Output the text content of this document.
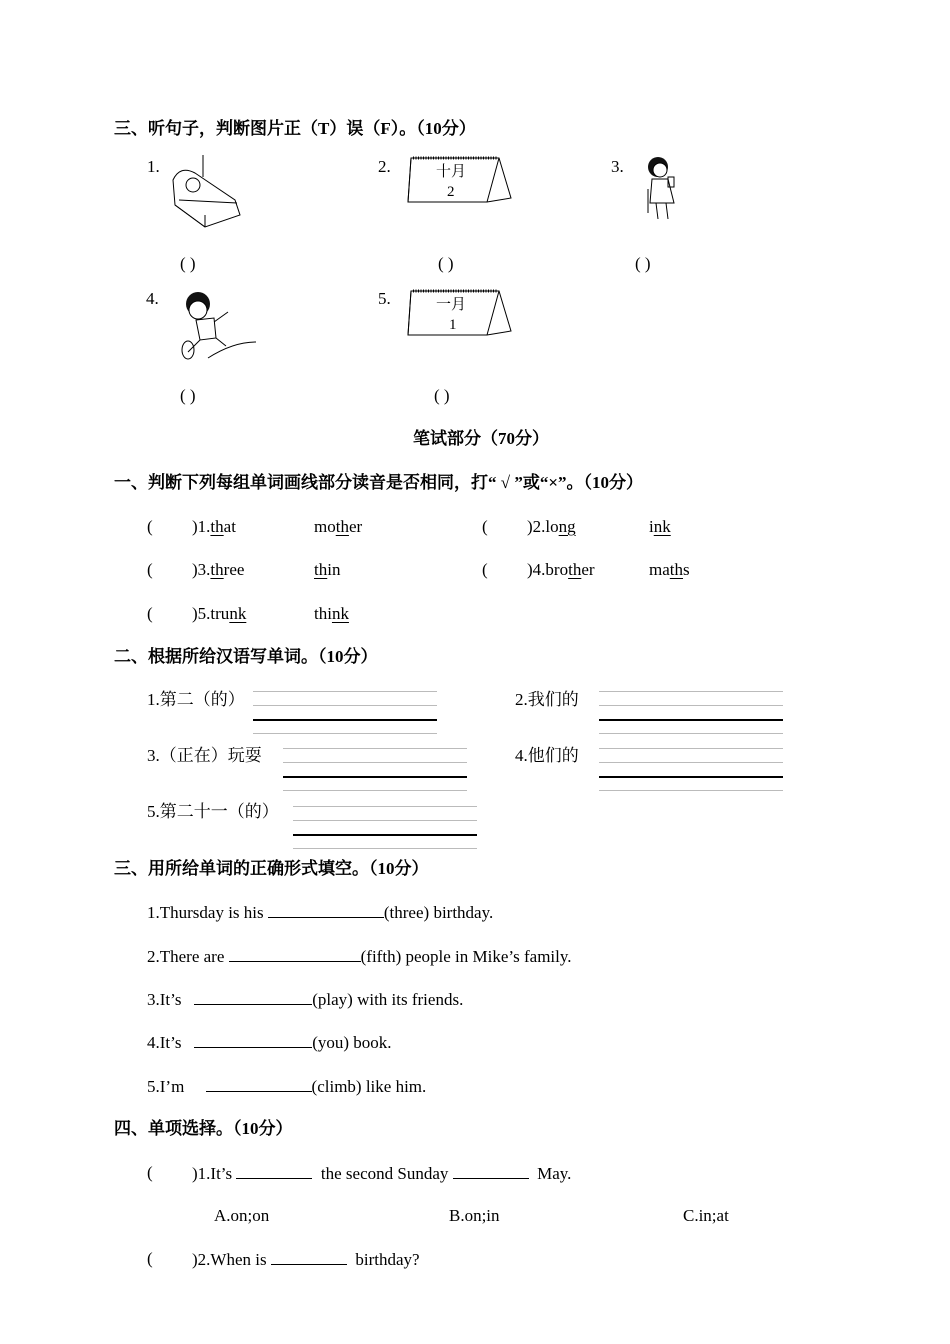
三、听句子，判断图片正（T）误（F）。（10分）
1.
( )
2.	十月
2
( )
3.
( )
4.
( )
5.	一月
1
( )
笔试部分（70分）
一、判断下列每组单词画线部分读音是否相同，打“ √ ”或“×”。（10分）
二、根据所给汉语写单词。（10分）
1.第二（的）	2.我们的
3.（正在）玩耍	4.他们的
5.第二十一（的）
三、用所给单词的正确形式填空。（10分）
1.Thursday is his	(three) birthday.
2.There are	(fifth) people in Mike’s family.
3.It’s	(play) with its friends.
4.It’s	(you) book.
5.I’m	(climb) like him.
四、单项选择。（10分）
( )1.It’s	the second Sunday	May.
A.on;on	B.on;in	C.in;at
( )2.When is	birthday?
( )1.that	mother	( )2.long	ink
( )3.three	thin	( )4.brother	maths
( )5.trunk	think
